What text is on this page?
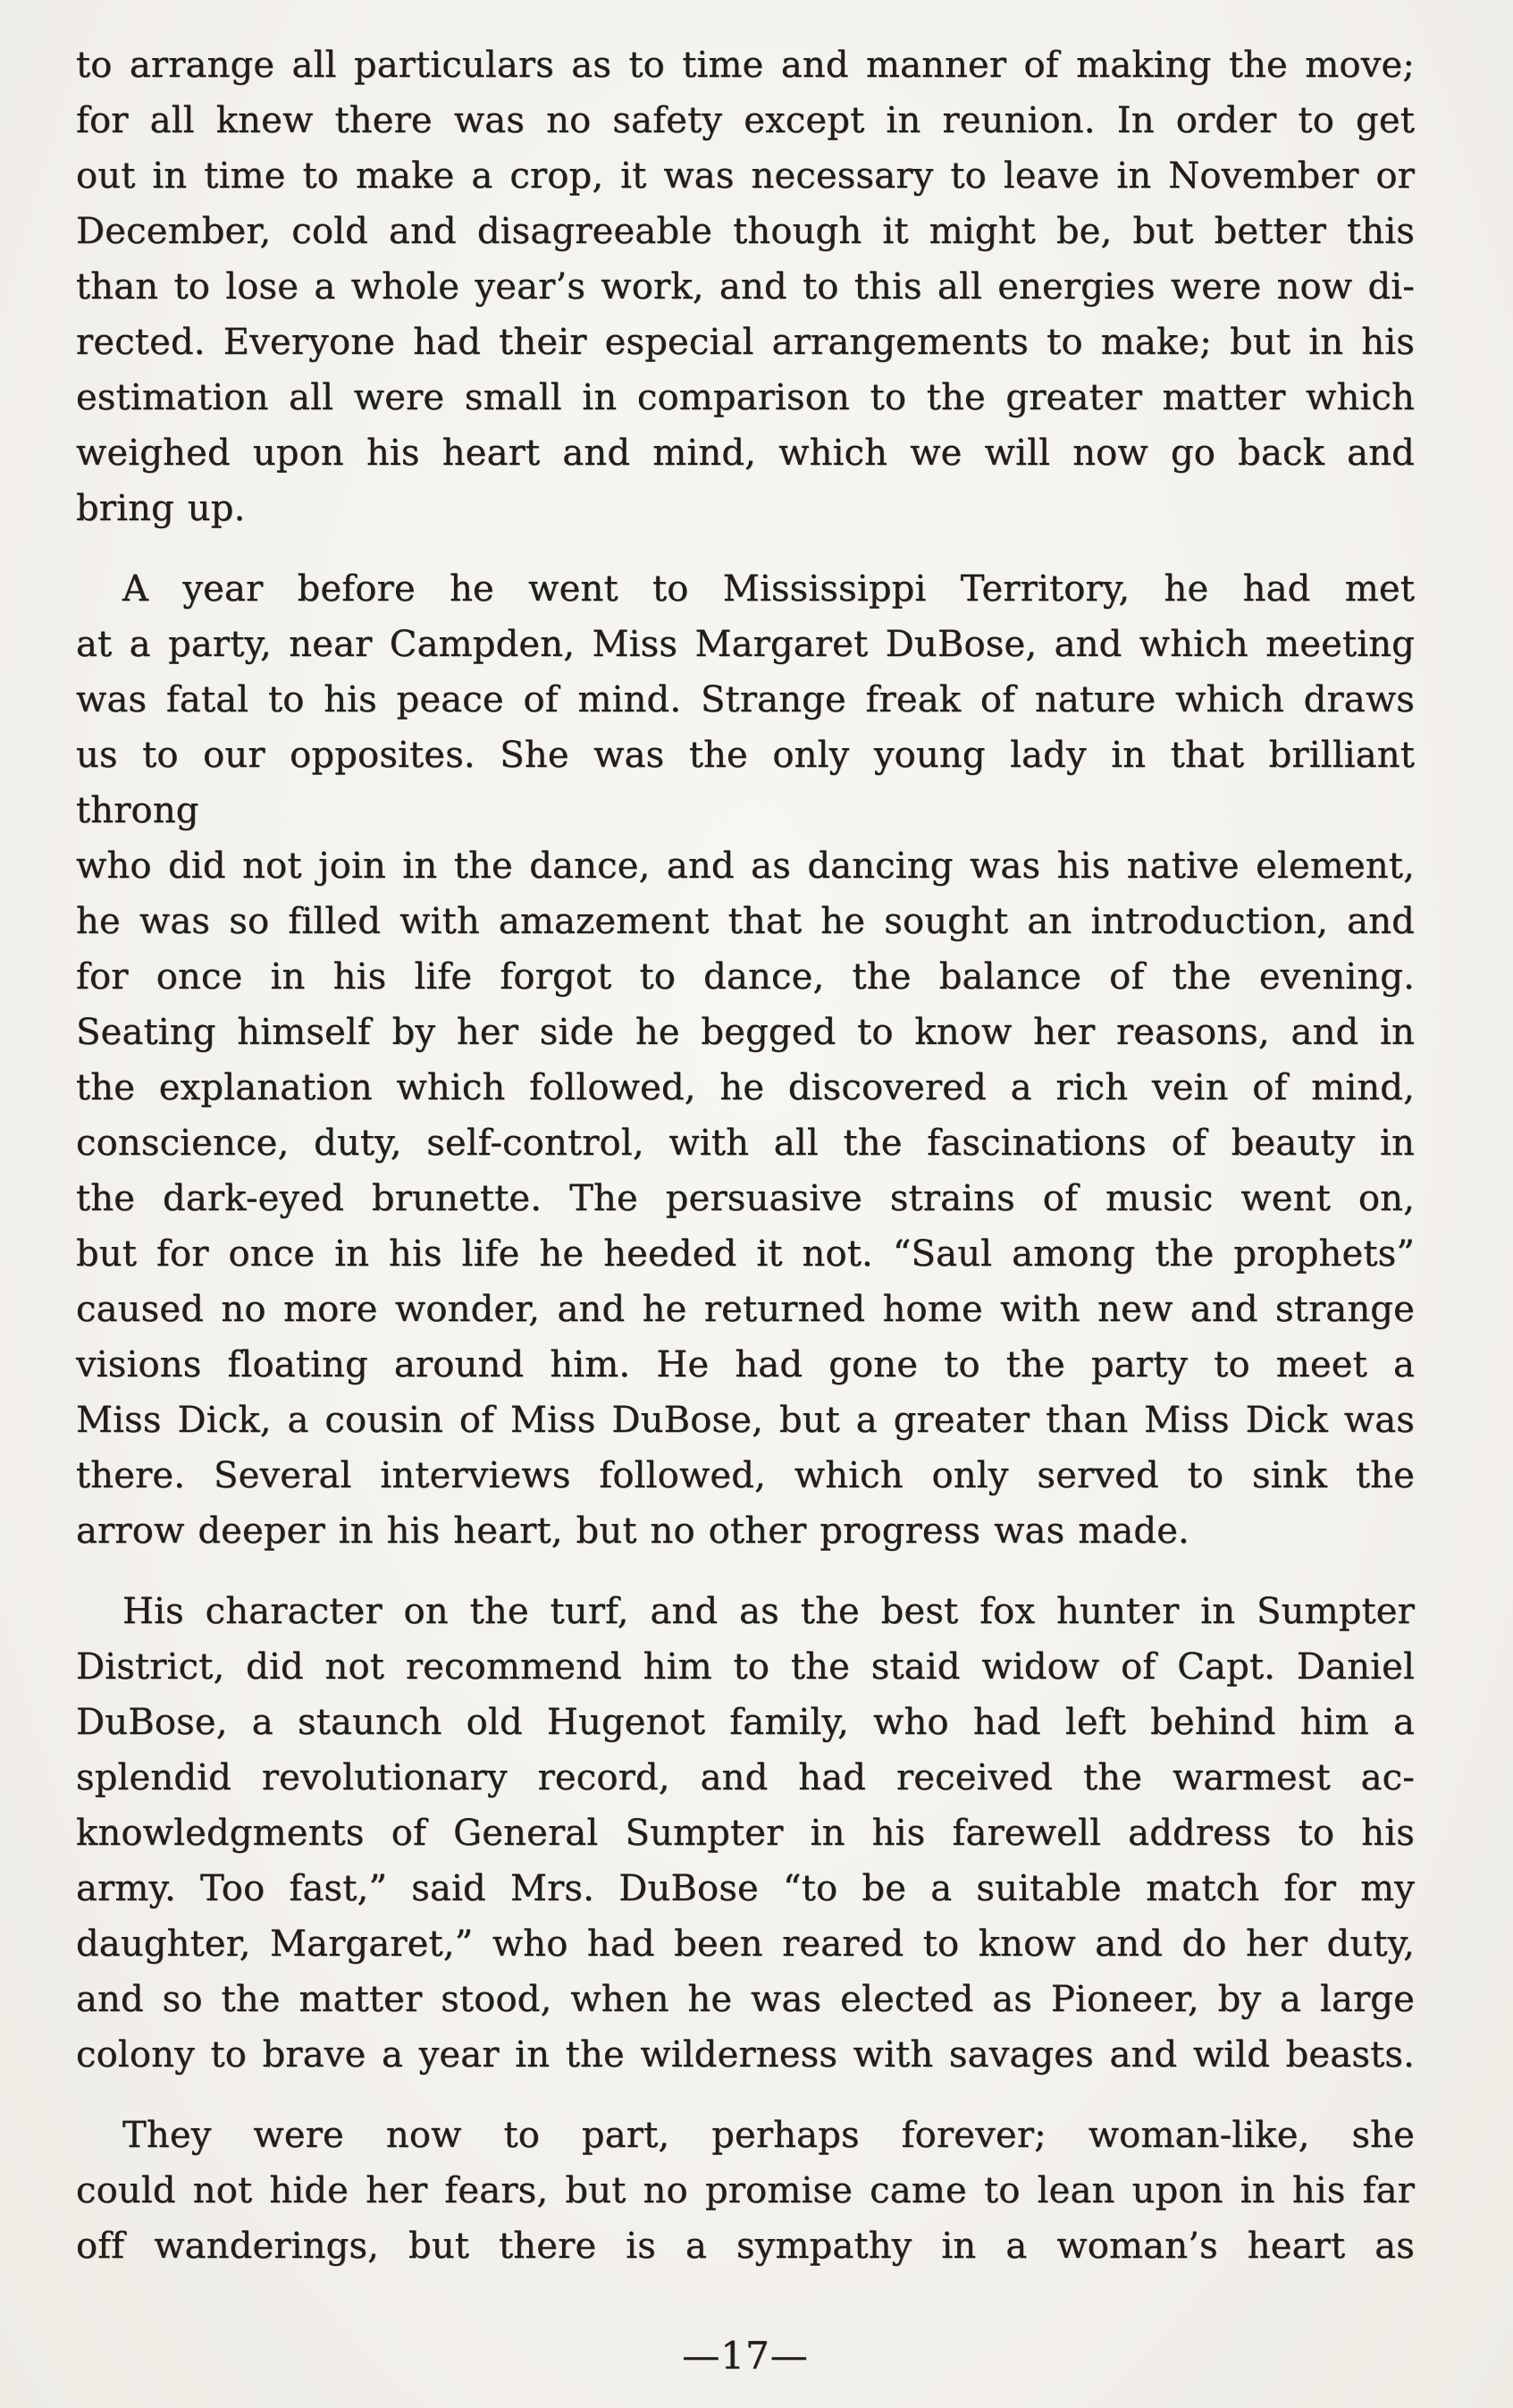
to arrange all particulars as to time and manner of making the move;
for all knew there was no safety except in reunion. In order to get
out in time to make a crop, it was necessary to leave in November or
December, cold and disagreeable though it might be, but better this
than to lose a whole year’s work, and to this all energies were now di-
rected. Everyone had their especial arrangements to make; but in his
estimation all were small in comparison to the greater matter which
weighed upon his heart and mind, which we will now go back and
bring up.
A year before he went to Mississippi Territory, he had met
at a party, near Campden, Miss Margaret DuBose, and which meeting
was fatal to his peace of mind. Strange freak of nature which draws
us to our opposites. She was the only young lady in that brilliant throng
who did not join in the dance, and as dancing was his native element,
he was so filled with amazement that he sought an introduction, and
for once in his life forgot to dance, the balance of the evening.
Seating himself by her side he begged to know her reasons, and in
the explanation which followed, he discovered a rich vein of mind,
conscience, duty, self-control, with all the fascinations of beauty in
the dark-eyed brunette. The persuasive strains of music went on,
but for once in his life he heeded it not. “Saul among the prophets”
caused no more wonder, and he returned home with new and strange
visions floating around him. He had gone to the party to meet a
Miss Dick, a cousin of Miss DuBose, but a greater than Miss Dick was
there. Several interviews followed, which only served to sink the
arrow deeper in his heart, but no other progress was made.
His character on the turf, and as the best fox hunter in Sumpter
District, did not recommend him to the staid widow of Capt. Daniel
DuBose, a staunch old Hugenot family, who had left behind him a
splendid revolutionary record, and had received the warmest ac-
knowledgments of General Sumpter in his farewell address to his
army. Too fast,” said Mrs. DuBose “to be a suitable match for my
daughter, Margaret,” who had been reared to know and do her duty,
and so the matter stood, when he was elected as Pioneer, by a large
colony to brave a year in the wilderness with savages and wild beasts.
They were now to part, perhaps forever; woman-like, she
could not hide her fears, but no promise came to lean upon in his far
off wanderings, but there is a sympathy in a woman’s heart as
—17—
